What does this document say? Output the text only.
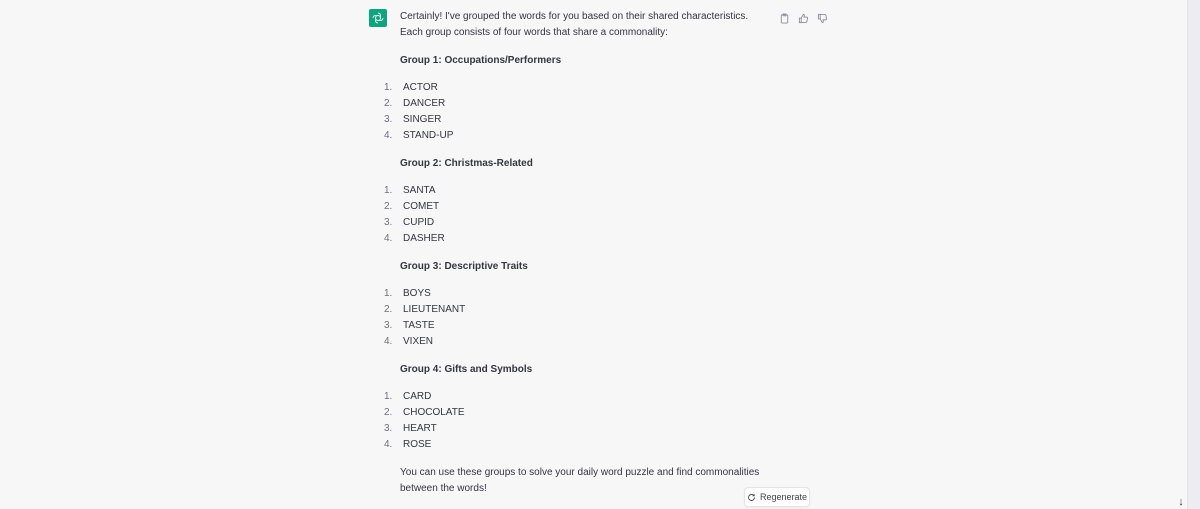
Certainly! I've grouped the words for you based on their shared characteristics. Each group consists of four words that share a commonality:

Group 1: Occupations/Performers

1. ACTOR
2. DANCER
3. SINGER
4. STAND-UP

Group 2: Christmas-Related

1. SANTA
2. COMET
3. CUPID
4. DASHER

Group 3: Descriptive Traits

1. BOYS
2. LIEUTENANT
3. TASTE
4. VIXEN

Group 4: Gifts and Symbols

1. CARD
2. CHOCOLATE
3. HEART
4. ROSE

You can use these groups to solve your daily word puzzle and find commonalities between the words!

Regenerate	↓
